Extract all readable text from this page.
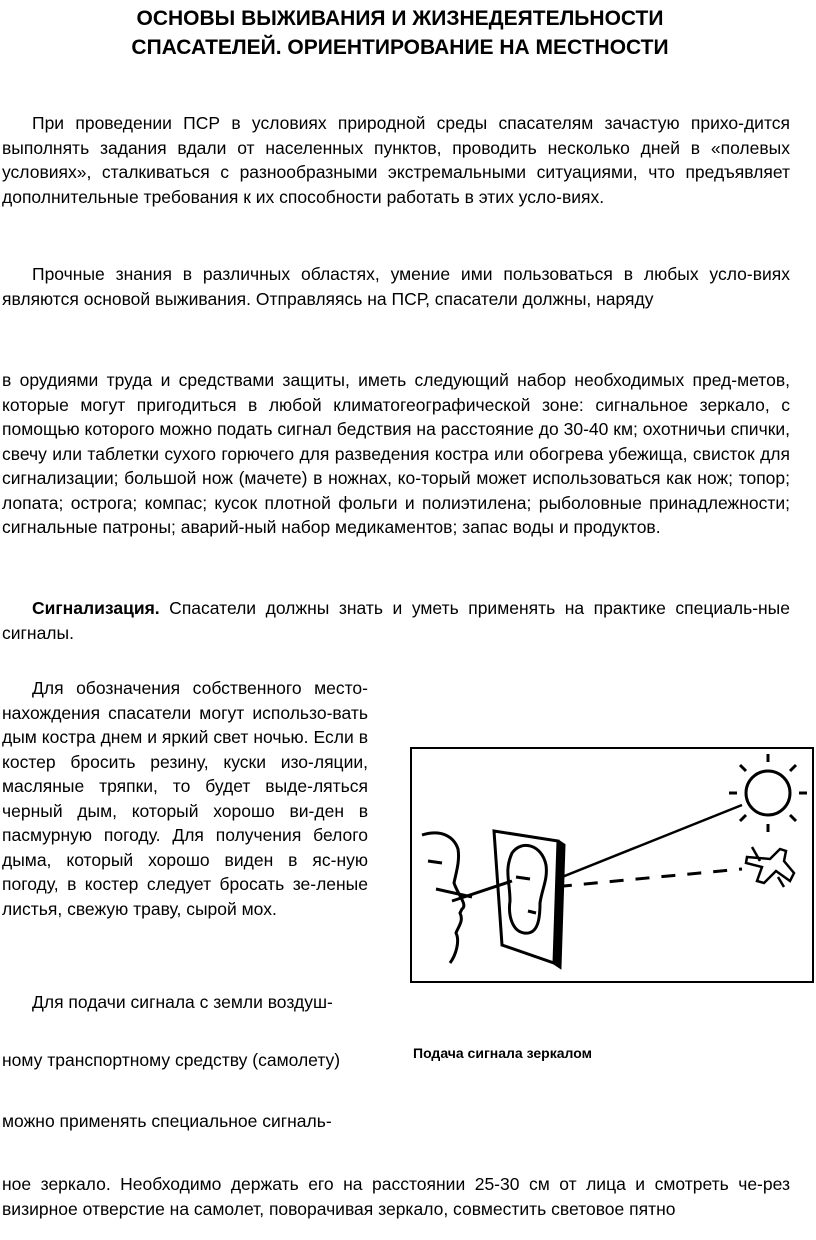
ОСНОВЫ ВЫЖИВАНИЯ И ЖИЗНЕДЕЯТЕЛЬНОСТИ
СПАСАТЕЛЕЙ. ОРИЕНТИРОВАНИЕ НА МЕСТНОСТИ

При проведении ПСР в условиях природной среды спасателям зачастую прихо-дится выполнять задания вдали от населенных пунктов, проводить несколько дней в «полевых условиях», сталкиваться с разнообразными экстремальными ситуациями, что предъявляет дополнительные требования к их способности работать в этих усло-виях.

Прочные знания в различных областях, умение ими пользоваться в любых усло-виях являются основой выживания. Отправляясь на ПСР, спасатели должны, наряду

в орудиями труда и средствами защиты, иметь следующий набор необходимых пред-метов, которые могут пригодиться в любой климатогеографической зоне: сигнальное зеркало, с помощью которого можно подать сигнал бедствия на расстояние до 30-40 км; охотничьи спички, свечу или таблетки сухого горючего для разведения костра или обогрева убежища, свисток для сигнализации; большой нож (мачете) в ножнах, ко-торый может использоваться как нож; топор; лопата; острога; компас; кусок плотной фольги и полиэтилена; рыболовные принадлежности; сигнальные патроны; аварий-ный набор медикаментов; запас воды и продуктов.

Сигнализация. Спасатели должны знать и уметь применять на практике специаль-ные сигналы.

Для обозначения собственного место-нахождения спасатели могут использо-вать дым костра днем и яркий свет ночью. Если в костер бросить резину, куски изо-ляции, масляные тряпки, то будет выде-ляться черный дым, который хорошо ви-ден в пасмурную погоду. Для получения белого дыма, который хорошо виден в яс-ную погоду, в костер следует бросать зе-леные листья, свежую траву, сырой мох.

Для подачи сигнала с земли воздуш-
ному транспортному средству (самолету)
можно применять специальное сигналь-

ное зеркало. Необходимо держать его на расстоянии 25-30 см от лица и смотреть че-рез визирное отверстие на самолет, поворачивая зеркало, совместить световое пятно

Подача сигнала зеркалом
